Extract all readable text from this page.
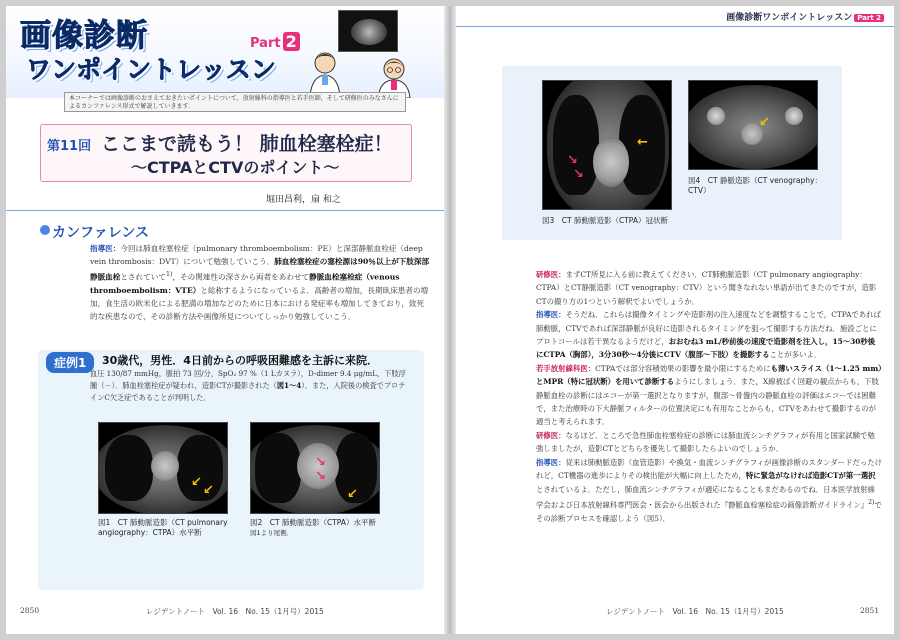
画像診断
ワンポイントレッスン
Part 2
本コーナーでは画像診断のおさえておきたいポイントについて，放射線科の指導医と若手医師，そして研修医のみなさんによるカンファレンス形式で解説していきます．
第11回 ここまで読もう！ 肺血栓塞栓症！
～CTPAとCTVのポイント～
堀田昌利，扇 和之
カンファレンス
指導医：今回は肺血栓塞栓症（pulmonary thromboembolism：PE）と深部静脈血栓症（deep vein thrombosis：DVT）について勉強していこう．肺血栓塞栓症の塞栓源は90％以上が下肢深部静脈血栓とされていて$^{1)}$，その関連性の深さから両者をあわせて静脈血栓塞栓症（venous thromboembolism：VTE）と総称するようになっているよ．高齢者の増加，長期臥床患者の増加，食生活の欧米化による肥満の増加などのために日本における発症率も増加してきており，致死的な疾患なので，その診断方法や画像所見についてしっかり勉強していこう．
症例1	30歳代，男性．4日前からの呼吸困難感を主訴に来院．
血圧 130/87 mmHg，脈拍 73 回/分，SpO₂ 97 %（1 Lカヌラ），D-dimer 9.4 μg/mL，下肢浮腫（－）．肺血栓塞栓症が疑われ，造影CTが撮影された（図1～4）．また，入院後の検査でプロテインC欠乏症であることが判明した．
↙
↙
図1　CT 肺動脈造影（CT pulmonary angiography：CTPA）水平断
↘
↘
↙
図2　CT 肺動脈造影（CTPA）水平断
図1より尾側．
2850	レジデントノート　Vol. 16　No. 15（1月号）2015
画像診断ワンポイントレッスン Part 2
↘
↘
←
図3　CT 肺動脈造影（CTPA）冠状断
↙
図4　CT 静脈造影（CT venography：CTV）
研修医：まずCT所見に入る前に教えてください．CT肺動脈造影（CT pulmonary angiography：CTPA）とCT静脈造影（CT venography：CTV）という聞きなれない単語が出てきたのですが，造影CTの撮り方の1つという解釈でよいでしょうか．
指導医：そうだね．これらは撮像タイミングや造影剤の注入速度などを調整することで，CTPAであれば肺動脈，CTVであれば深部静脈が良好に造影されるタイミングを狙って撮影する方法だね．施設ごとにプロトコールは若干異なるようだけど，おおむね3 mL/秒前後の速度で造影剤を注入し，15～30秒後にCTPA（胸部），3分30秒～4分後にCTV（腹部～下肢）を撮影することが多いよ．
若手放射線科医：CTPAでは部分容積効果の影響を最小限にするためにも薄いスライス（1～1.25 mm）とMPR（特に冠状断）を用いて診断するようにしましょう．また，X線被ばく回避の観点からも，下肢静脈血栓の診断にはエコーが第一選択となりますが，腹部～骨盤内の静脈血栓の評価はエコーでは困難で，また治療時の下大静脈フィルターの位置決定にも有用なことからも，CTVをあわせて撮影するのが適当と考えられます．
研修医：なるほど．ところで急性肺血栓塞栓症の診断には肺血流シンチグラフィが有用と国家試験で勉強しましたが，造影CTとどちらを優先して撮影したらよいのでしょうか．
指導医：従来は肺動脈造影（血管造影）や換気・血流シンチグラフィが画像診断のスタンダードだったけれど，CT機器の進歩によりその検出能が大幅に向上したため，特に緊急がなければ造影CTが第一選択とされているよ．ただし，肺血流シンチグラフィが適応になることもまだあるのでね．日本医学放射線学会および日本放射線科専門医会・医会から出版された『静脈血栓塞栓症の画像診断ガイドライン』$^{2)}$でその診断プロセスを確認しよう（図5）．
レジデントノート　Vol. 16　No. 15（1月号）2015	2851
